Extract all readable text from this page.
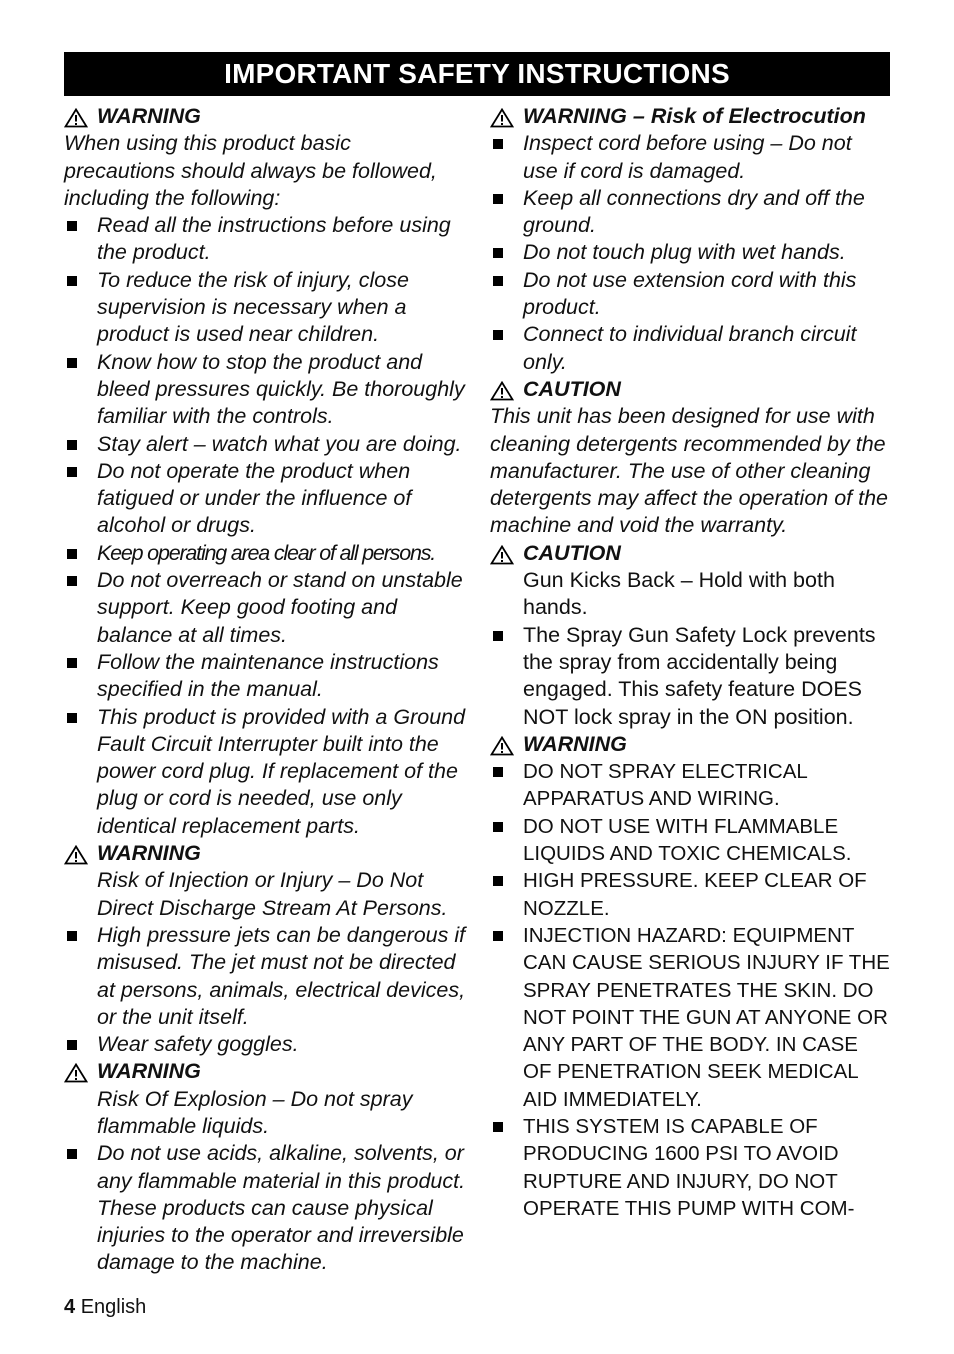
IMPORTANT SAFETY INSTRUCTIONS
WARNING

When using this product basic precautions should always be followed, including the following:

Read all the instructions before using the product.
To reduce the risk of injury, close supervision is necessary when a product is used near children.
Know how to stop the product and bleed pressures quickly. Be thoroughly familiar with the controls.
Stay alert – watch what you are doing.
Do not operate the product when fatigued or under the influence of alcohol or drugs.
Keep operating area clear of all persons.
Do not overreach or stand on unstable support. Keep good footing and balance at all times.
Follow the maintenance instructions specified in the manual.
This product is provided with a Ground Fault Circuit Interrupter built into the power cord plug. If replacement of the plug or cord is needed, use only identical replacement parts.
WARNING

Risk of Injection or Injury – Do Not Direct Discharge Stream At Persons.

High pressure jets can be dangerous if misused. The jet must not be directed at persons, animals, electrical devices, or the unit itself.
Wear safety goggles.
WARNING

Risk Of Explosion – Do not spray flammable liquids.

Do not use acids, alkaline, solvents, or any flammable material in this product. These products can cause physical injuries to the operator and irreversible damage to the machine.
WARNING – Risk of Electrocution
Inspect cord before using – Do not use if cord is damaged.
Keep all connections dry and off the ground.
Do not touch plug with wet hands.
Do not use extension cord with this product.
Connect to individual branch circuit only.
CAUTION

This unit has been designed for use with cleaning detergents recommended by the manufacturer. The use of other cleaning detergents may affect the operation of the machine and void the warranty.

CAUTION

Gun Kicks Back – Hold with both hands.

The Spray Gun Safety Lock prevents the spray from accidentally being engaged. This safety feature DOES NOT lock spray in the ON position.
WARNING
DO NOT SPRAY ELECTRICAL APPARATUS AND WIRING.
DO NOT USE WITH FLAMMABLE LIQUIDS AND TOXIC CHEMICALS.
HIGH PRESSURE. KEEP CLEAR OF NOZZLE.
INJECTION HAZARD: EQUIPMENT CAN CAUSE SERIOUS INJURY IF THE SPRAY PENETRATES THE SKIN. DO NOT POINT THE GUN AT ANYONE OR ANY PART OF THE BODY. IN CASE OF PENETRATION SEEK MEDICAL AID IMMEDIATELY.
THIS SYSTEM IS CAPABLE OF PRODUCING 1600 PSI TO AVOID RUPTURE AND INJURY, DO NOT OPERATE THIS PUMP WITH COM-
4 English
